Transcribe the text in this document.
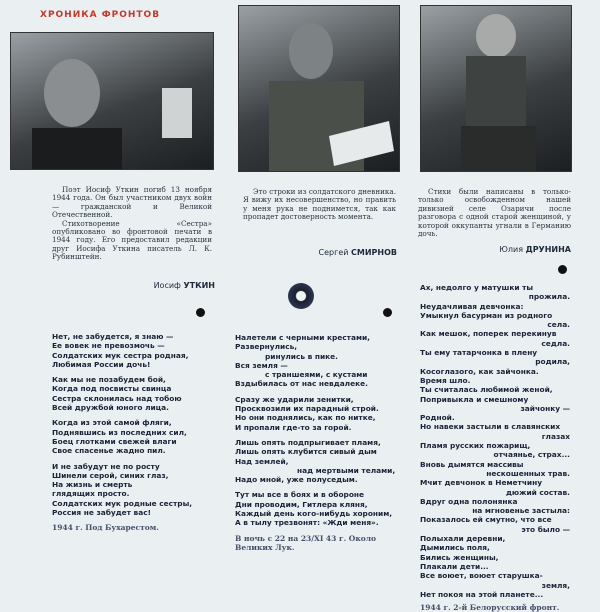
ХРОНИКА ФРОНТОВ
Поэт Иосиф Уткин погиб 13 ноября 1944 года. Он был участником двух войн — гражданской и Великой Отечественной.
Стихотворение «Сестра» опубликовано во фронтовой печати в 1944 году. Его предоставил редакции друг Иосифа Уткина писатель Л. К. Рубинштейн.
Это строки из солдатского дневника. Я вижу их несовершенство, но править у меня рука не поднимется, так как пропадет достоверность момента.
Стихи были написаны в только-только освобожденном нашей дивизией селе Озаричи после разговора с одной старой женщиной, у которой оккупанты угнали в Германию дочь.
Иосиф УТКИН
Сергей СМИРНОВ	Юлия ДРУНИНА
Нет, не забудется, я знаю —
Ее вовек не превозмочь —
Солдатских мук сестра родная,
Любимая России дочь!
Как мы не позабудем бой,
Когда под посвисты свинца
Сестра склонилась над тобою
Всей дружбой юного лица.
Когда из этой самой фляги,
Поднявшись из последних сил,
Боец глотками свежей влаги
Свое спасенье жадно пил.
И не забудут не по росту
Шинели серой, синих глаз,
На жизнь и смерть
глядящих просто.
Солдатских мук родные сестры,
Россия не забудет вас!
1944 г. Под Бухарестом.
Налетели с черными крестами,
Развернулись,
ринулись в пике.
Вся земля —
с траншеями, с кустами
Вздыбилась от нас невдалеке.
Сразу же ударили зенитки,
Просквозили их парадный строй.
Но они поднялись, как по нитке,
И пропали где-то за горой.
Лишь опять подпрыгивает пламя,
Лишь опять клубится сивый дым
Над землей,
над мертвыми телами,
Надо мной, уже полуседым.
Тут мы все в боях и в обороне
Дни проводим, Гитлера кляня,
Каждый день кого-нибудь хороним,
А в тылу трезвонят: «Жди меня».
В ночь с 22 на 23/XI 43 г. Около Великих Лук.
Ах, недолго у матушки ты
прожила.
Неудачливая девчонка:
Умыкнул басурман из родного
села.
Как мешок, поперек перекинув
седла.
Ты ему татарчонка в плену
родила,
Косоглазого, как зайчонка.
Время шло.
Ты считалась любимой женой,
Попривыкла и смешному
зайчонку —
Родной.
Но навеки застыли в славянских
глазах
Пламя русских пожарищ,
отчаянье, страх...
Вновь дымятся массивы
нескошенных трав.
Мчит девчонок в Неметчину
дюжий состав.
Вдруг одна полонянка
на мгновенье застыла:
Показалось ей смутно, что все
это было —
Полыхали деревни,
Дымились поля,
Бились женщины,
Плакали дети...
Все воюет, воюет старушка-
земля,
Нет покоя на этой планете...
1944 г. 2-й Белорусский фронт.
